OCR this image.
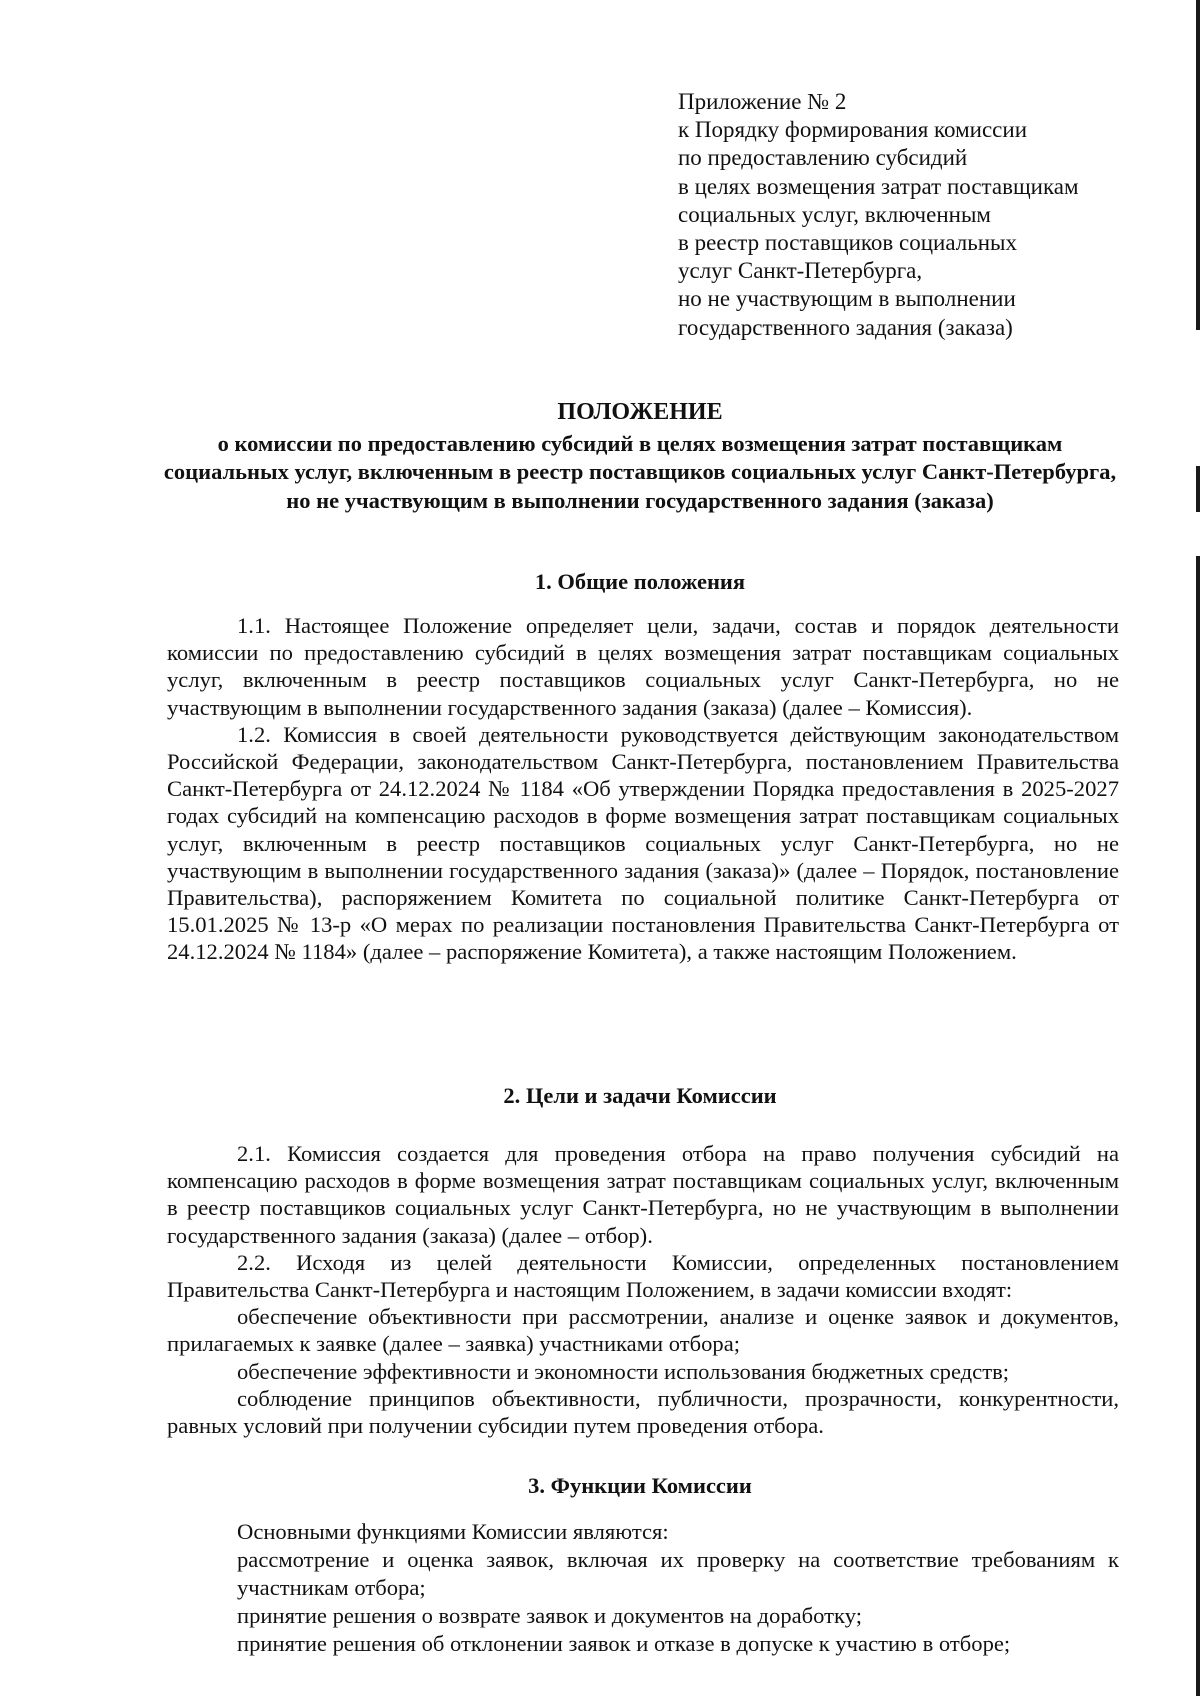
Приложение № 2
к Порядку формирования комиссии
по предоставлению субсидий
в целях возмещения затрат поставщикам
социальных услуг, включенным
в реестр поставщиков социальных
услуг Санкт-Петербурга,
но не участвующим в выполнении
государственного задания (заказа)
ПОЛОЖЕНИЕ
о комиссии по предоставлению субсидий в целях возмещения затрат поставщикам социальных услуг, включенным в реестр поставщиков социальных услуг Санкт-Петербурга, но не участвующим в выполнении государственного задания (заказа)
1. Общие положения

1.1. Настоящее Положение определяет цели, задачи, состав и порядок деятельности комиссии по предоставлению субсидий в целях возмещения затрат поставщикам социальных услуг, включенным в реестр поставщиков социальных услуг Санкт-Петербурга, но не участвующим в выполнении государственного задания (заказа) (далее – Комиссия).

1.2. Комиссия в своей деятельности руководствуется действующим законодательством Российской Федерации, законодательством Санкт-Петербурга, постановлением Правительства Санкт-Петербурга от 24.12.2024 № 1184 «Об утверждении Порядка предоставления в 2025-2027 годах субсидий на компенсацию расходов в форме возмещения затрат поставщикам социальных услуг, включенным в реестр поставщиков социальных услуг Санкт-Петербурга, но не участвующим в выполнении государственного задания (заказа)» (далее – Порядок, постановление Правительства), распоряжением Комитета по социальной политике Санкт-Петербурга от 15.01.2025 № 13-р «О мерах по реализации постановления Правительства Санкт-Петербурга от 24.12.2024 № 1184» (далее – распоряжение Комитета), а также настоящим Положением.

2. Цели и задачи Комиссии

2.1. Комиссия создается для проведения отбора на право получения субсидий на компенсацию расходов в форме возмещения затрат поставщикам социальных услуг, включенным в реестр поставщиков социальных услуг Санкт-Петербурга, но не участвующим в выполнении государственного задания (заказа) (далее – отбор).

2.2. Исходя из целей деятельности Комиссии, определенных постановлением Правительства Санкт-Петербурга и настоящим Положением, в задачи комиссии входят:

обеспечение объективности при рассмотрении, анализе и оценке заявок и документов, прилагаемых к заявке (далее – заявка) участниками отбора;

обеспечение эффективности и экономности использования бюджетных средств;

соблюдение принципов объективности, публичности, прозрачности, конкурентности, равных условий при получении субсидии путем проведения отбора.

3. Функции Комиссии

Основными функциями Комиссии являются:

рассмотрение и оценка заявок, включая их проверку на соответствие требованиям к участникам отбора;

принятие решения о возврате заявок и документов на доработку;

принятие решения об отклонении заявок и отказе в допуске к участию в отборе;
